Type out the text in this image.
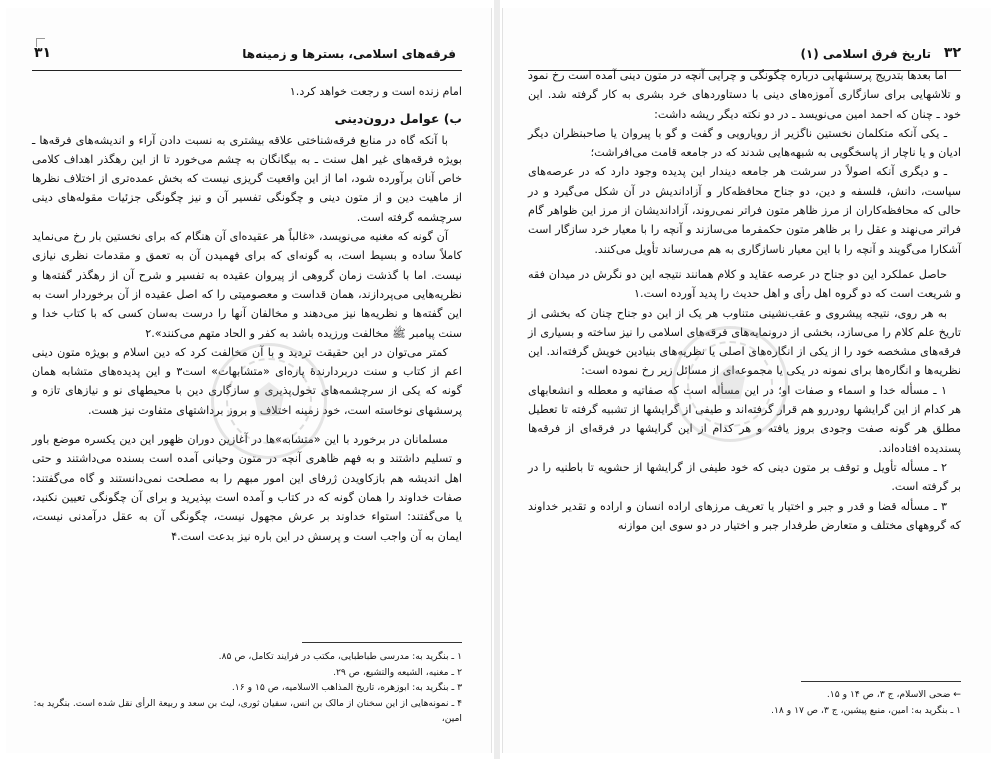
فرقه‌های اسلامی، بسترها و زمینه‌ها
٣١

امام زنده است و رجعت خواهد کرد.١

ب) عوامل درون‌دینی

با آنکه گاه در منابع فرقه‌شناختی علاقه بیشتری به نسبت دادن آراء و اندیشه‌های فرقه‌ها ـ بویژه فرقه‌های غیر اهل سنت ـ به بیگانگان به چشم می‌خورد تا از این رهگذر اهداف کلامی خاص آنان برآورده شود، اما از این واقعیت گریزی نیست که بخش عمده‌تری از اختلاف نظرها از ماهیت دین و از متون دینی و چگونگی تفسیر آن و نیز چگونگی جزئیات مقوله‌های دینی سرچشمه گرفته است.

آن گونه که مغنیه می‌نویسد، «غالباً هر عقیده‌ای آن هنگام که برای نخستین بار رخ می‌نماید کاملاً ساده و بسیط است، به گونه‌ای که برای فهمیدن آن به تعمق و مقدمات نظری نیازی نیست. اما با گذشت زمان گروهی از پیروان عقیده به تفسیر و شرح آن از رهگذر گفته‌ها و نظریه‌هایی می‌پردازند، همان قداست و معصومیتی را که اصل عقیده از آن برخوردار است به این گفته‌ها و نظریه‌ها نیز می‌دهند و مخالفان آنها را درست به‌سان کسی که با کتاب خدا و سنت پیامبر ﷺ مخالفت ورزیده باشد به کفر و الحاد متهم می‌کنند».٢

کمتر می‌توان در این حقیقت تردید و با آن مخالفت کرد که دین اسلام و بویژه متون دینی اعم از کتاب و سنت دربردارندۀ پاره‌ای «متشابهات» است٣ و این پدیده‌های متشابه همان گونه که یکی از سرچشمه‌های تحول‌پذیری و سازگاری دین با محیطهای نو و نیازهای تازه و پرسشهای نوخاسته است، خود زمینه اختلاف و بروز برداشتهای متفاوت نیز هست.

مسلمانان در برخورد با این «متشابه»ها در آغازین دوران ظهور این دین یکسره موضع باور و تسلیم داشتند و به فهم ظاهری آنچه در متون وحیانی آمده است بسنده می‌داشتند و حتی اهل اندیشه هم بازکاویدن ژرفای این امور مبهم را به مصلحت نمی‌دانستند و گاه می‌گفتند: صفات خداوند را همان گونه که در کتاب و آمده است بپذیرید و برای آن چگونگی تعیین نکنید، یا می‌گفتند: استواء خداوند بر عرش مجهول نیست، چگونگی آن به عقل درآمدنی نیست، ایمان به آن واجب است و پرسش در این باره نیز بدعت است.۴

١ ـ بنگرید به: مدرسی طباطبایی، مکتب در فرایند تکامل، ص ٨۵.
٢ ـ مغنیه، الشیعه والتشیع، ص ٢٩.
٣ ـ بنگرید به: ابوزهره، تاریخ المذاهب الاسلامیه، ص ١۵ و ١۶.
۴ ـ نمونه‌هایی از این سخنان از مالک بن انس، سفیان ثوری، لیث بن سعد و ربیعة الرأی نقل شده است. بنگرید به: امین،
٣٢
تاریخ فرق اسلامی (١)

اما بعدها بتدریج پرسشهایی درباره چگونگی و چرایی آنچه در متون دینی آمده است رخ نمود و تلاشهایی برای سازگاری آموزه‌های دینی با دستاوردهای خرد بشری به کار گرفته شد. این خود ـ چنان که احمد امین می‌نویسد ـ در دو نکته دیگر ریشه داشت:

ـ یکی آنکه متکلمان نخستین ناگزیر از رویارویی و گفت و گو با پیروان یا صاحبنظران دیگر ادیان و یا ناچار از پاسخگویی به شبهه‌هایی شدند که در جامعه قامت می‌افراشت؛

ـ و دیگری آنکه اصولاً در سرشت هر جامعه دیندار این پدیده وجود دارد که در عرصه‌های سیاست، دانش، فلسفه و دین، دو جناح محافظه‌کار و آزاداندیش در آن شکل می‌گیرد و در حالی که محافظه‌کاران از مرز ظاهر متون فراتر نمی‌روند، آزاداندیشان از مرز این ظواهر گام فراتر می‌نهند و عقل را بر ظاهر متون حکمفرما می‌سازند و آنچه را با معیار خرد سازگار است آشکارا می‌گویند و آنچه را با این معیار ناسازگاری به هم می‌رساند تأویل می‌کنند.

حاصل عملکرد این دو جناح در عرصه عقاید و کلام همانند نتیجه این دو نگرش در میدان فقه و شریعت است که دو گروه اهل رأی و اهل حدیث را پدید آورده است.١

به هر روی، نتیجه پیشروی و عقب‌نشینی متناوب هر یک از این دو جناح چنان که بخشی از تاریخ علم کلام را می‌سازد، بخشی از درونمایه‌های فرقه‌های اسلامی را نیز ساخته و بسیاری از فرقه‌های مشخصه خود را از یکی از انگاره‌های اصلی یا نظریه‌های بنیادین خویش گرفته‌اند. این نظریه‌ها و انگاره‌ها برای نمونه در یکی یا مجموعه‌ای از مسائل زیر رخ نموده است:

١ ـ مسأله خدا و اسماء و صفات او؛ در این مسأله است که صفاتیه و معطله و انشعابهای هر کدام از این گرایشها رودررو هم قرار گرفته‌اند و طیفی از گرایشها از تشبیه گرفته تا تعطیل مطلق هر گونه صفت وجودی بروز یافته و هر کدام از این گرایشها در فرقه‌ای از فرقه‌ها پسندیده افتاده‌اند.

٢ ـ مسأله تأویل و توقف بر متون دینی که خود طیفی از گرایشها از حشویه تا باطنیه را در بر گرفته است.

٣ ـ مسأله قضا و قدر و جبر و اختیار یا تعریف مرزهای اراده انسان و اراده و تقدیر خداوند که گروههای مختلف و متعارض طرفدار جبر و اختیار در دو سوی این موازنه

← ضحی الاسلام، ج ٣، ص ١۴ و ١۵.
١ ـ بنگرید به: امین، منبع پیشین، ج ٣، ص ١٧ و ١٨.
